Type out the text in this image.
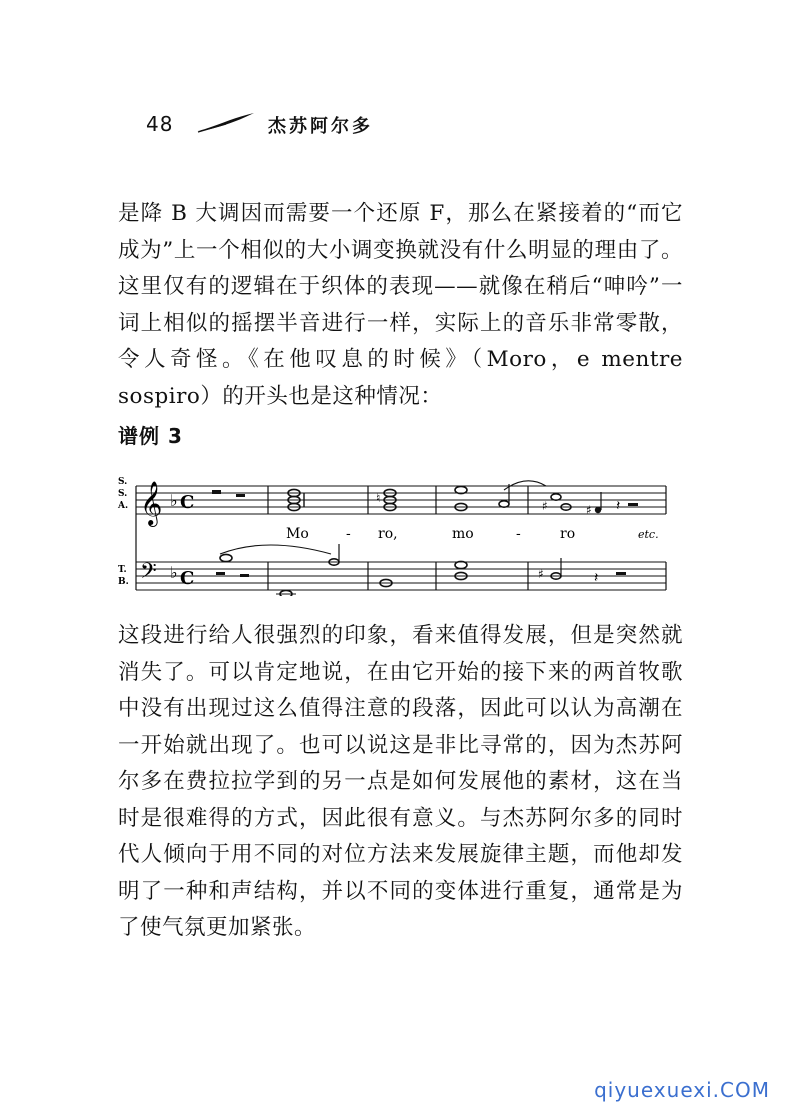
48	杰苏阿尔多

是降 B 大调因而需要一个还原 F，那么在紧接着的“而它成为”上一个相似的大小调变换就没有什么明显的理由了。这里仅有的逻辑在于织体的表现——就像在稍后“呻吟”一词上相似的摇摆半音进行一样，实际上的音乐非常零散，令人奇怪。《在他叹息的时候》（Moro，e mentre sospiro）的开头也是这种情况：

谱例 3
S.
S.
A.
T.
B.
𝄞
𝄢
♭
♭
C
C
♮
♯	♯ 𝄽
Mo	- ro,	mo	-	ro	etc.
♯	𝄽

这段进行给人很强烈的印象，看来值得发展，但是突然就消失了。可以肯定地说，在由它开始的接下来的两首牧歌中没有出现过这么值得注意的段落，因此可以认为高潮在一开始就出现了。也可以说这是非比寻常的，因为杰苏阿尔多在费拉拉学到的另一点是如何发展他的素材，这在当时是很难得的方式，因此很有意义。与杰苏阿尔多的同时代人倾向于用不同的对位方法来发展旋律主题，而他却发明了一种和声结构，并以不同的变体进行重复，通常是为了使气氛更加紧张。

qiyuexuexi.COM
